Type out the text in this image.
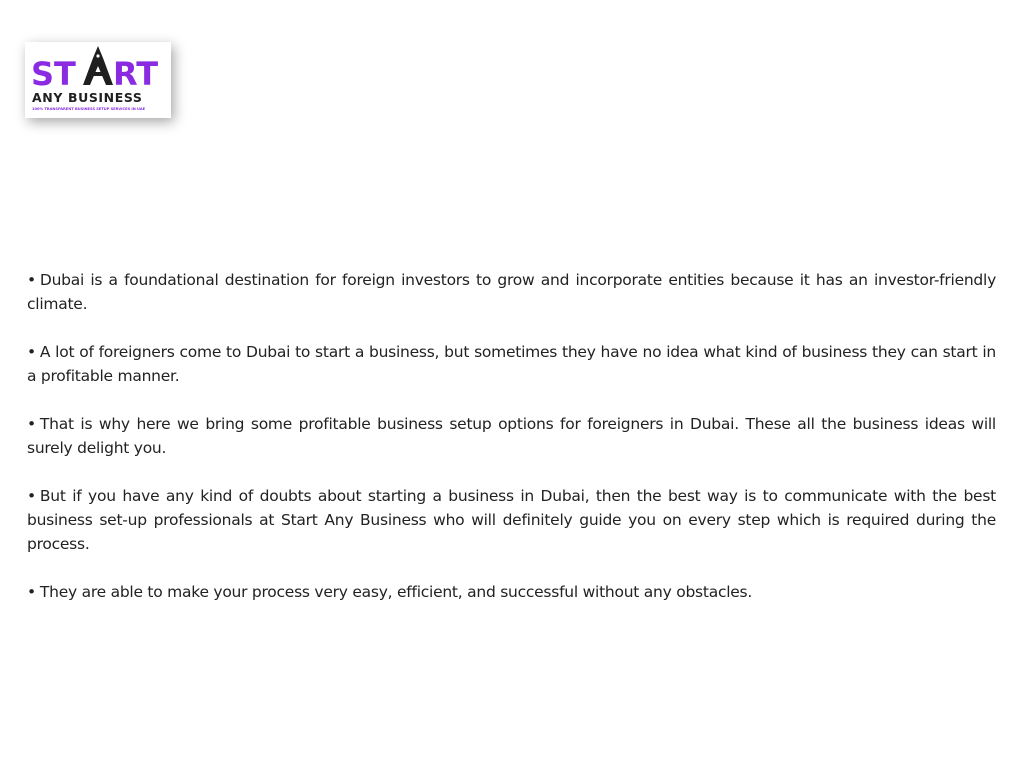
ST RT
ANY BUSINESS
100% TRANSPARENT BUSINESS SETUP SERVICES IN UAE

• Dubai is a foundational destination for foreign investors to grow and incorporate entities because it has an investor-friendly climate.

• A lot of foreigners come to Dubai to start a business, but sometimes they have no idea what kind of business they can start in a profitable manner.

• That is why here we bring some profitable business setup options for foreigners in Dubai. These all the business ideas will surely delight you.

• But if you have any kind of doubts about starting a business in Dubai, then the best way is to communicate with the best business set-up professionals at Start Any Business who will definitely guide you on every step which is required during the process.

• They are able to make your process very easy, efficient, and successful without any obstacles.
